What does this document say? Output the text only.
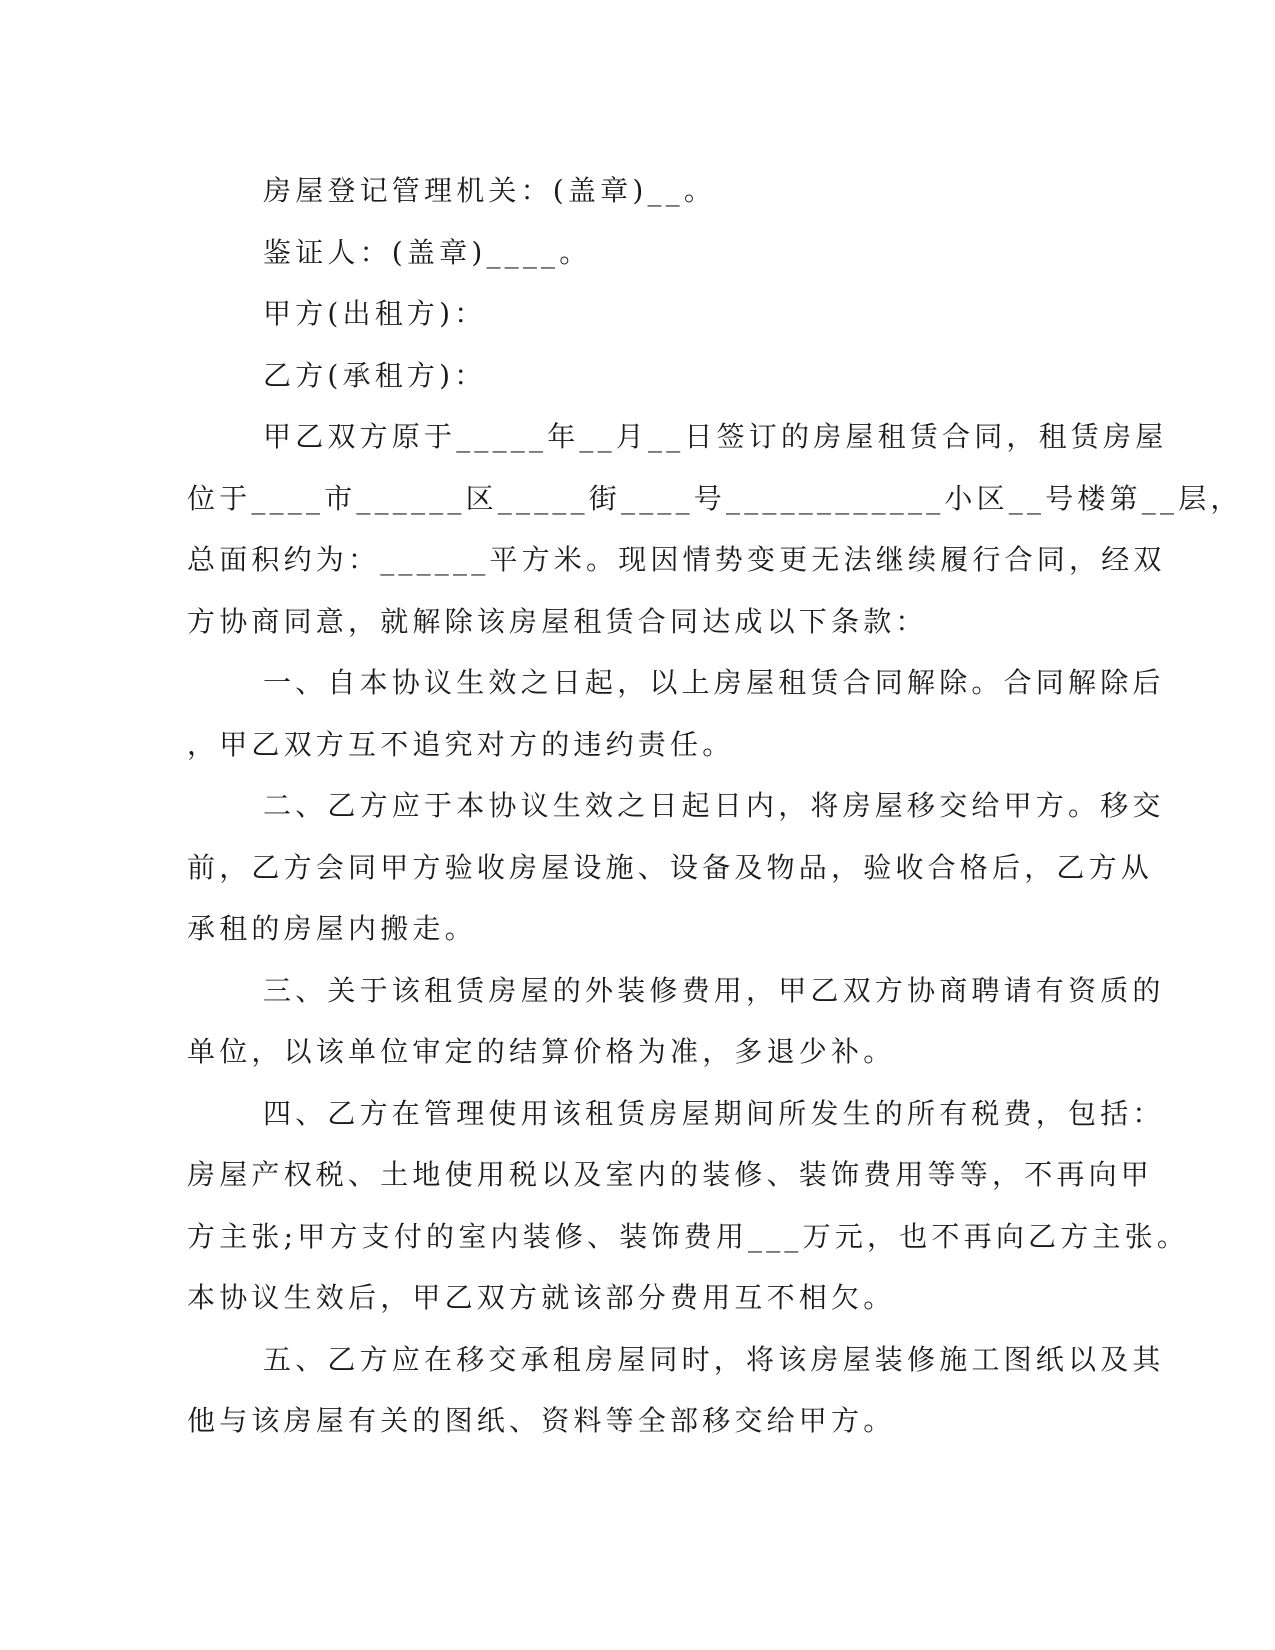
房屋登记管理机关：(盖章)__。
鉴证人：(盖章)____。
甲方(出租方)：
乙方(承租方)：
甲乙双方原于_____年__月__日签订的房屋租赁合同，租赁房屋
位于____市______区_____街____号____________小区__号楼第__层，
总面积约为：______平方米。现因情势变更无法继续履行合同，经双
方协商同意，就解除该房屋租赁合同达成以下条款：
一、自本协议生效之日起，以上房屋租赁合同解除。合同解除后
，甲乙双方互不追究对方的违约责任。
二、乙方应于本协议生效之日起日内，将房屋移交给甲方。移交
前，乙方会同甲方验收房屋设施、设备及物品，验收合格后，乙方从
承租的房屋内搬走。
三、关于该租赁房屋的外装修费用，甲乙双方协商聘请有资质的
单位，以该单位审定的结算价格为准，多退少补。
四、乙方在管理使用该租赁房屋期间所发生的所有税费，包括：
房屋产权税、土地使用税以及室内的装修、装饰费用等等，不再向甲
方主张;甲方支付的室内装修、装饰费用___万元，也不再向乙方主张。
本协议生效后，甲乙双方就该部分费用互不相欠。
五、乙方应在移交承租房屋同时，将该房屋装修施工图纸以及其
他与该房屋有关的图纸、资料等全部移交给甲方。
